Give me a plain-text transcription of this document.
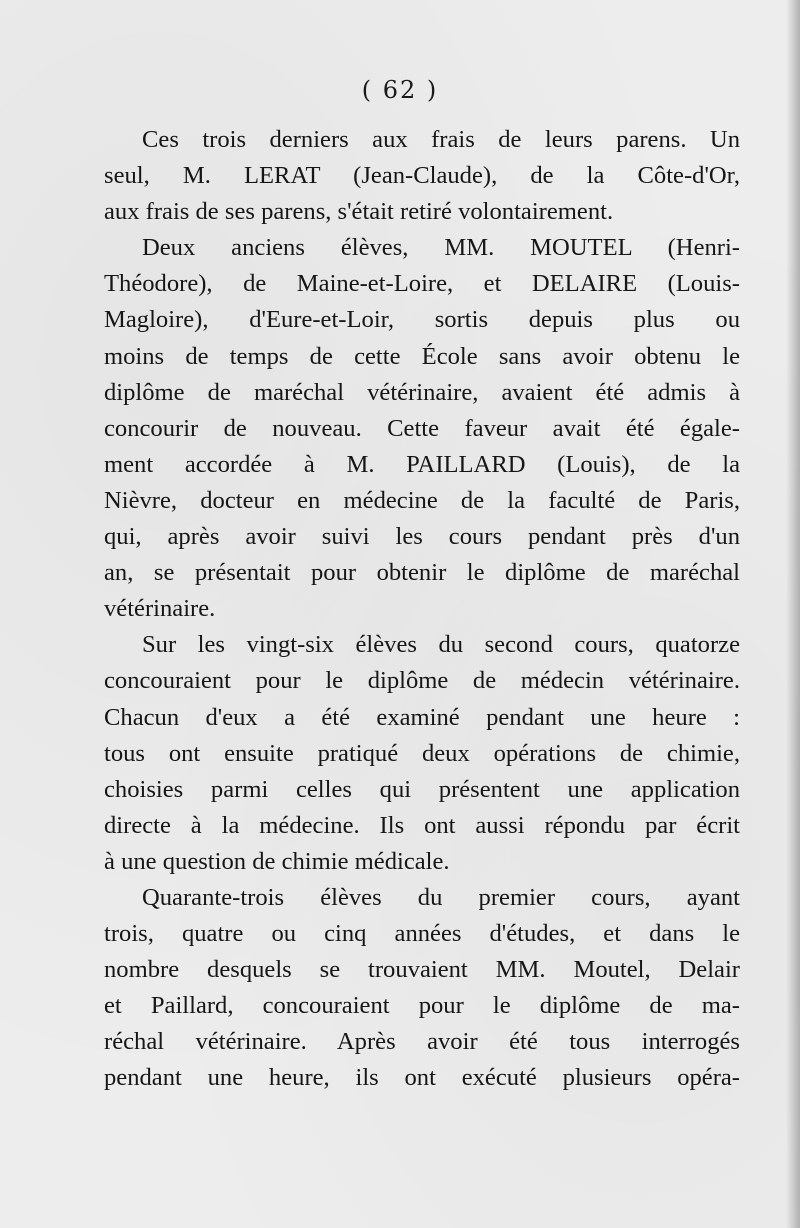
( 62 )
Ces trois derniers aux frais de leurs parens. Un
seul, M. LERAT (Jean-Claude), de la Côte-d'Or,
aux frais de ses parens, s'était retiré volontairement.
Deux anciens élèves, MM. MOUTEL (Henri-
Théodore), de Maine-et-Loire, et DELAIRE (Louis-
Magloire), d'Eure-et-Loir, sortis depuis plus ou
moins de temps de cette École sans avoir obtenu le
diplôme de maréchal vétérinaire, avaient été admis à
concourir de nouveau. Cette faveur avait été égale-
ment accordée à M. PAILLARD (Louis), de la
Nièvre, docteur en médecine de la faculté de Paris,
qui, après avoir suivi les cours pendant près d'un
an, se présentait pour obtenir le diplôme de maréchal
vétérinaire.
Sur les vingt-six élèves du second cours, quatorze
concouraient pour le diplôme de médecin vétérinaire.
Chacun d'eux a été examiné pendant une heure :
tous ont ensuite pratiqué deux opérations de chimie,
choisies parmi celles qui présentent une application
directe à la médecine. Ils ont aussi répondu par écrit
à une question de chimie médicale.
Quarante-trois élèves du premier cours, ayant
trois, quatre ou cinq années d'études, et dans le
nombre desquels se trouvaient MM. Moutel, Delair
et Paillard, concouraient pour le diplôme de ma-
réchal vétérinaire. Après avoir été tous interrogés
pendant une heure, ils ont exécuté plusieurs opéra-
